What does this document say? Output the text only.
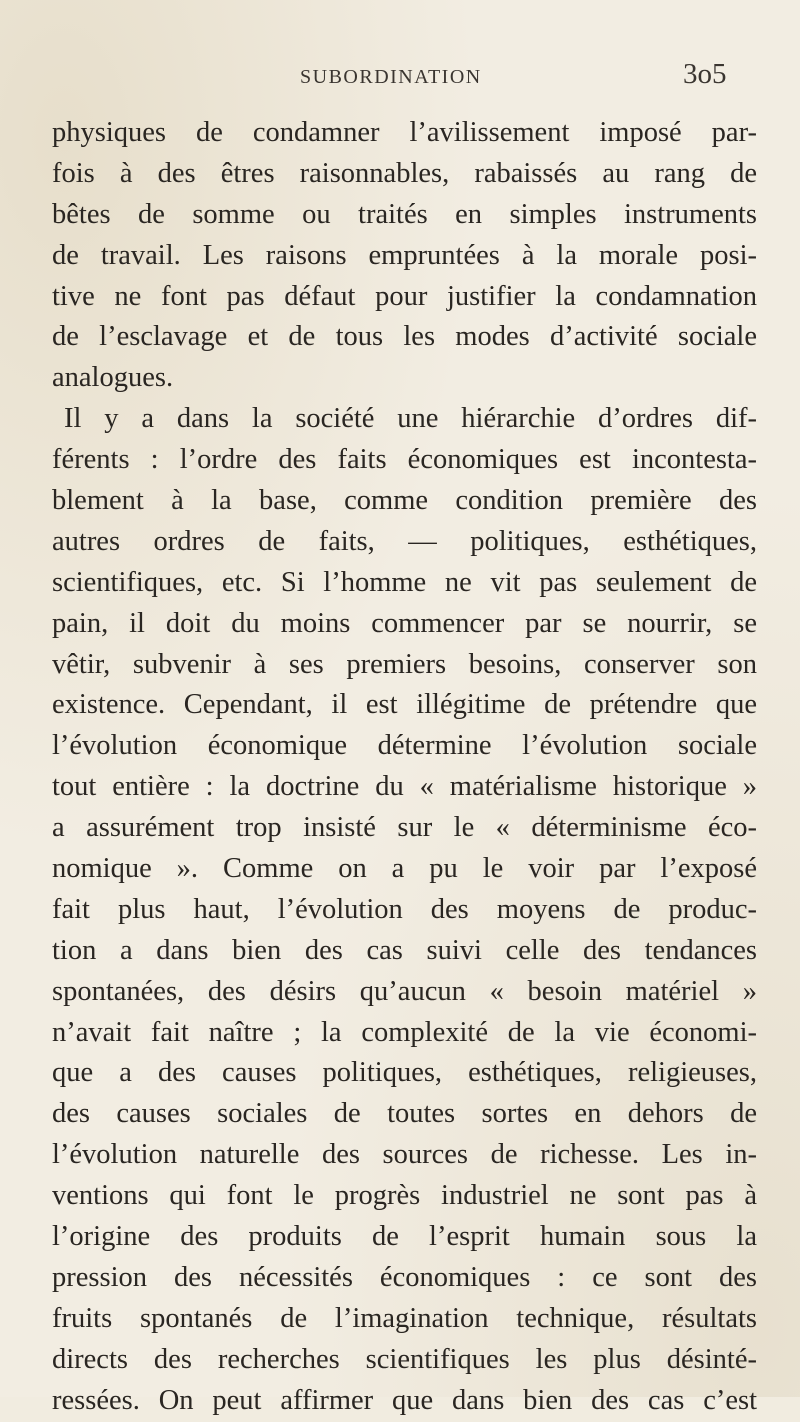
SUBORDINATION	3o5
physiques de condamner l’avilissement imposé par-
fois à des êtres raisonnables, rabaissés au rang de
bêtes de somme ou traités en simples instruments
de travail. Les raisons empruntées à la morale posi-
tive ne font pas défaut pour justifier la condamnation
de l’esclavage et de tous les modes d’activité sociale
analogues.
Il y a dans la société une hiérarchie d’ordres dif-
férents : l’ordre des faits économiques est incontesta-
blement à la base, comme condition première des
autres ordres de faits, — politiques, esthétiques,
scientifiques, etc. Si l’homme ne vit pas seulement de
pain, il doit du moins commencer par se nourrir, se
vêtir, subvenir à ses premiers besoins, conserver son
existence. Cependant, il est illégitime de prétendre que
l’évolution économique détermine l’évolution sociale
tout entière : la doctrine du « matérialisme historique »
a assurément trop insisté sur le « déterminisme éco-
nomique ». Comme on a pu le voir par l’exposé
fait plus haut, l’évolution des moyens de produc-
tion a dans bien des cas suivi celle des tendances
spontanées, des désirs qu’aucun « besoin matériel »
n’avait fait naître ; la complexité de la vie économi-
que a des causes politiques, esthétiques, religieuses,
des causes sociales de toutes sortes en dehors de
l’évolution naturelle des sources de richesse. Les in-
ventions qui font le progrès industriel ne sont pas à
l’origine des produits de l’esprit humain sous la
pression des nécessités économiques : ce sont des
fruits spontanés de l’imagination technique, résultats
directs des recherches scientifiques les plus désinté-
ressées. On peut affirmer que dans bien des cas c’est
